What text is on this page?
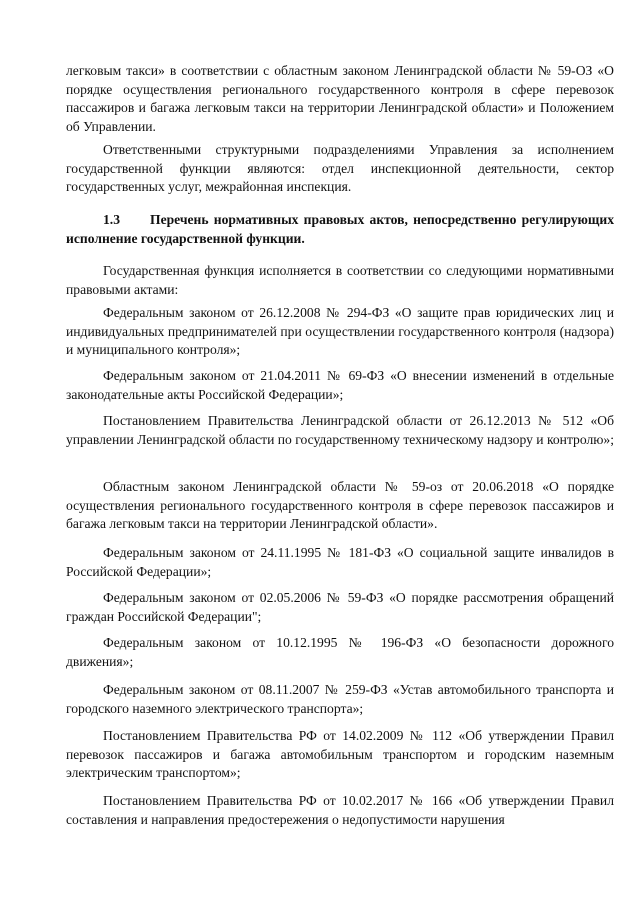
легковым такси» в соответствии с областным законом Ленинградской области № 59-ОЗ «О порядке осуществления регионального государственного контроля в сфере перевозок пассажиров и багажа легковым такси на территории Ленинградской области» и Положением об Управлении.

Ответственными структурными подразделениями Управления за исполнением государственной функции являются: отдел инспекционной деятельности, сектор государственных услуг, межрайонная инспекция.

1.3 Перечень нормативных правовых актов, непосредственно регулирующих исполнение государственной функции.

Государственная функция исполняется в соответствии со следующими нормативными правовыми актами:

Федеральным законом от 26.12.2008 № 294-ФЗ «О защите прав юридических лиц и индивидуальных предпринимателей при осуществлении государственного контроля (надзора) и муниципального контроля»;

Федеральным законом от 21.04.2011 № 69-ФЗ «О внесении изменений в отдельные законодательные акты Российской Федерации»;

Постановлением Правительства Ленинградской области от 26.12.2013 № 512 «Об управлении Ленинградской области по государственному техническому надзору и контролю»;

Областным законом Ленинградской области № 59-оз от 20.06.2018 «О порядке осуществления регионального государственного контроля в сфере перевозок пассажиров и багажа легковым такси на территории Ленинградской области».

Федеральным законом от 24.11.1995 № 181-ФЗ «О социальной защите инвалидов в Российской Федерации»;

Федеральным законом от 02.05.2006 № 59-ФЗ «О порядке рассмотрения обращений граждан Российской Федерации";

Федеральным законом от 10.12.1995 № 196-ФЗ «О безопасности дорожного движения»;

Федеральным законом от 08.11.2007 № 259-ФЗ «Устав автомобильного транспорта и городского наземного электрического транспорта»;

Постановлением Правительства РФ от 14.02.2009 № 112 «Об утверждении Правил перевозок пассажиров и багажа автомобильным транспортом и городским наземным электрическим транспортом»;

Постановлением Правительства РФ от 10.02.2017 № 166 «Об утверждении Правил составления и направления предостережения о недопустимости нарушения
